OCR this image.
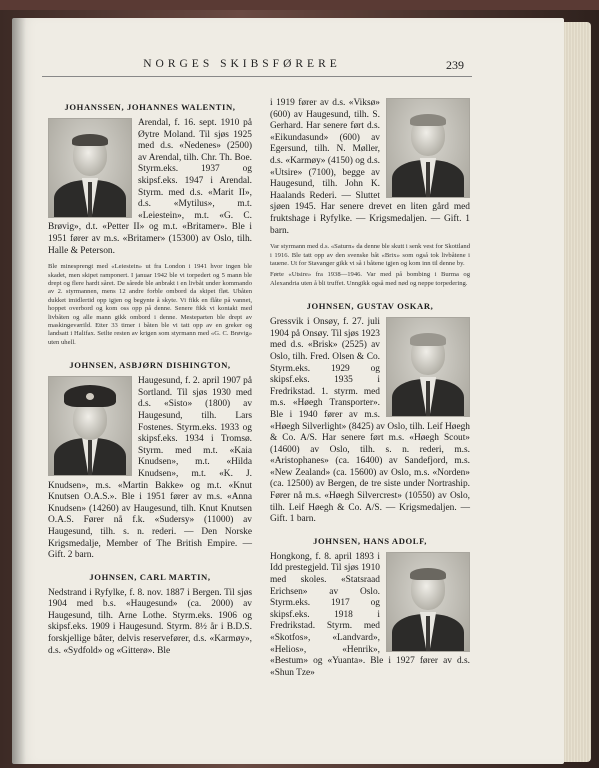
NORGES SKIBSFØRERE	239
JOHANSSEN, JOHANNES WALENTIN,

Arendal, f. 16. sept. 1910 på Øytre Moland. Til sjøs 1925 med d.s. «Nedenes» (2500) av Arendal, tilh. Chr. Th. Boe. Styrm.eks. 1937 og skipsf.eks. 1947 i Arendal. Styrm. med d.s. «Marit II», d.s. «Mytilus», m.t. «Leiestein», m.t. «G. C. Brøvig», d.t. «Petter II» og m.t. «Britamer». Ble i 1951 fører av m.s. «Britamer» (15300) av Oslo, tilh. Halle & Peterson.

Ble minesprengt med «Leiestein» ut fra London i 1941 hvor ingen ble skadet, men skipet ramponert. I januar 1942 ble vi torpedert og 5 mann ble drept og flere hardt såret. De sårede ble anbrakt i en livbåt under kommando av 2. styrmannen, mens 12 andre forble ombord da skipet fløt. Ubåten dukket imidlertid opp igjen og begynte å skyte. Vi fikk en flåte på vannet, hoppet overbord og kom oss opp på denne. Senere fikk vi kontakt med livbåten og alle mann gikk ombord i denne. Mesteparten ble drept av maskingeværild. Etter 33 timer i båten ble vi tatt opp av en greker og landsatt i Halifax. Seilte resten av krigen som styrmann med «G. C. Brøvig» uten uhell.

JOHNSEN, ASBJØRN DISHINGTON,

Haugesund, f. 2. april 1907 på Sortland. Til sjøs 1930 med d.s. «Sisto» (1800) av Haugesund, tilh. Lars Fostenes. Styrm.eks. 1933 og skipsf.eks. 1934 i Tromsø. Styrm. med m.t. «Kaia Knudsen», m.t. «Hilda Knudsen», m.t. «K. J. Knudsen», m.s. «Martin Bakke» og m.t. «Knut Knutsen O.A.S.». Ble i 1951 fører av m.s. «Anna Knudsen» (14260) av Haugesund, tilh. Knut Knutsen O.A.S. Fører nå f.k. «Sudersy» (11000) av Haugesund, tilh. s. n. rederi. — Den Norske Krigsmedalje, Member of The British Empire. — Gift. 2 barn.

JOHNSEN, CARL MARTIN,

Nedstrand i Ryfylke, f. 8. nov. 1887 i Bergen. Til sjøs 1904 med b.s. «Haugesund» (ca. 2000) av Haugesund, tilh. Arne Lothe. Styrm.eks. 1906 og skipsf.eks. 1909 i Haugesund. Styrm. 8½ år i B.D.S. forskjellige båter, delvis reservefører, d.s. «Karmøy», d.s. «Sydfold» og «Gitterø». Ble

i 1919 fører av d.s. «Viksø» (600) av Haugesund, tilh. S. Gerhard. Har senere ført d.s. «Eikundasund» (600) av Egersund, tilh. N. Møller, d.s. «Karmøy» (4150) og d.s. «Utsire» (7100), begge av Haugesund, tilh. John K. Haalands Rederi. — Sluttet sjøen 1945. Har senere drevet en liten gård med fruktshage i Ryfylke. — Krigsmedaljen. — Gift. 1 barn.

Var styrmann med d.s. «Saturn» da denne ble skutt i senk vest for Skottland i 1916. Ble tatt opp av den svenske båt «Brix» som også tok livbåtene i tauene. Ut for Stavanger gikk vi så i båtene igjen og kom inn til denne by.

Førte «Utsire» fra 1938—1946. Var med på bombing i Burma og Alexandria uten å bli truffet. Unngikk også med nød og neppe torpedering.

JOHNSEN, GUSTAV OSKAR,

Gressvik i Onsøy, f. 27. juli 1904 på Onsøy. Til sjøs 1923 med d.s. «Brisk» (2525) av Oslo, tilh. Fred. Olsen & Co. Styrm.eks. 1929 og skipsf.eks. 1935 i Fredrikstad. 1. styrm. med m.s. «Høegh Transporter». Ble i 1940 fører av m.s. «Høegh Silverlight» (8425) av Oslo, tilh. Leif Høegh & Co. A/S. Har senere ført m.s. «Høegh Scout» (14600) av Oslo, tilh. s. n. rederi, m.s. «Aristophanes» (ca. 16400) av Sandefjord, m.s. «New Zealand» (ca. 15600) av Oslo, m.s. «Norden» (ca. 12500) av Bergen, de tre siste under Nortraship. Fører nå m.s. «Høegh Silvercrest» (10550) av Oslo, tilh. Leif Høegh & Co. A/S. — Krigsmedaljen. — Gift. 1 barn.

JOHNSEN, HANS ADOLF,

Hongkong, f. 8. april 1893 i Idd prestegjeld. Til sjøs 1910 med skoles. «Statsraad Erichsen» av Oslo. Styrm.eks. 1917 og skipsf.eks. 1918 i Fredrikstad. Styrm. med «Skotfos», «Landvard», «Helios», «Henrik», «Bestum» og «Yuanta». Ble i 1927 fører av d.s. «Shun Tze»
